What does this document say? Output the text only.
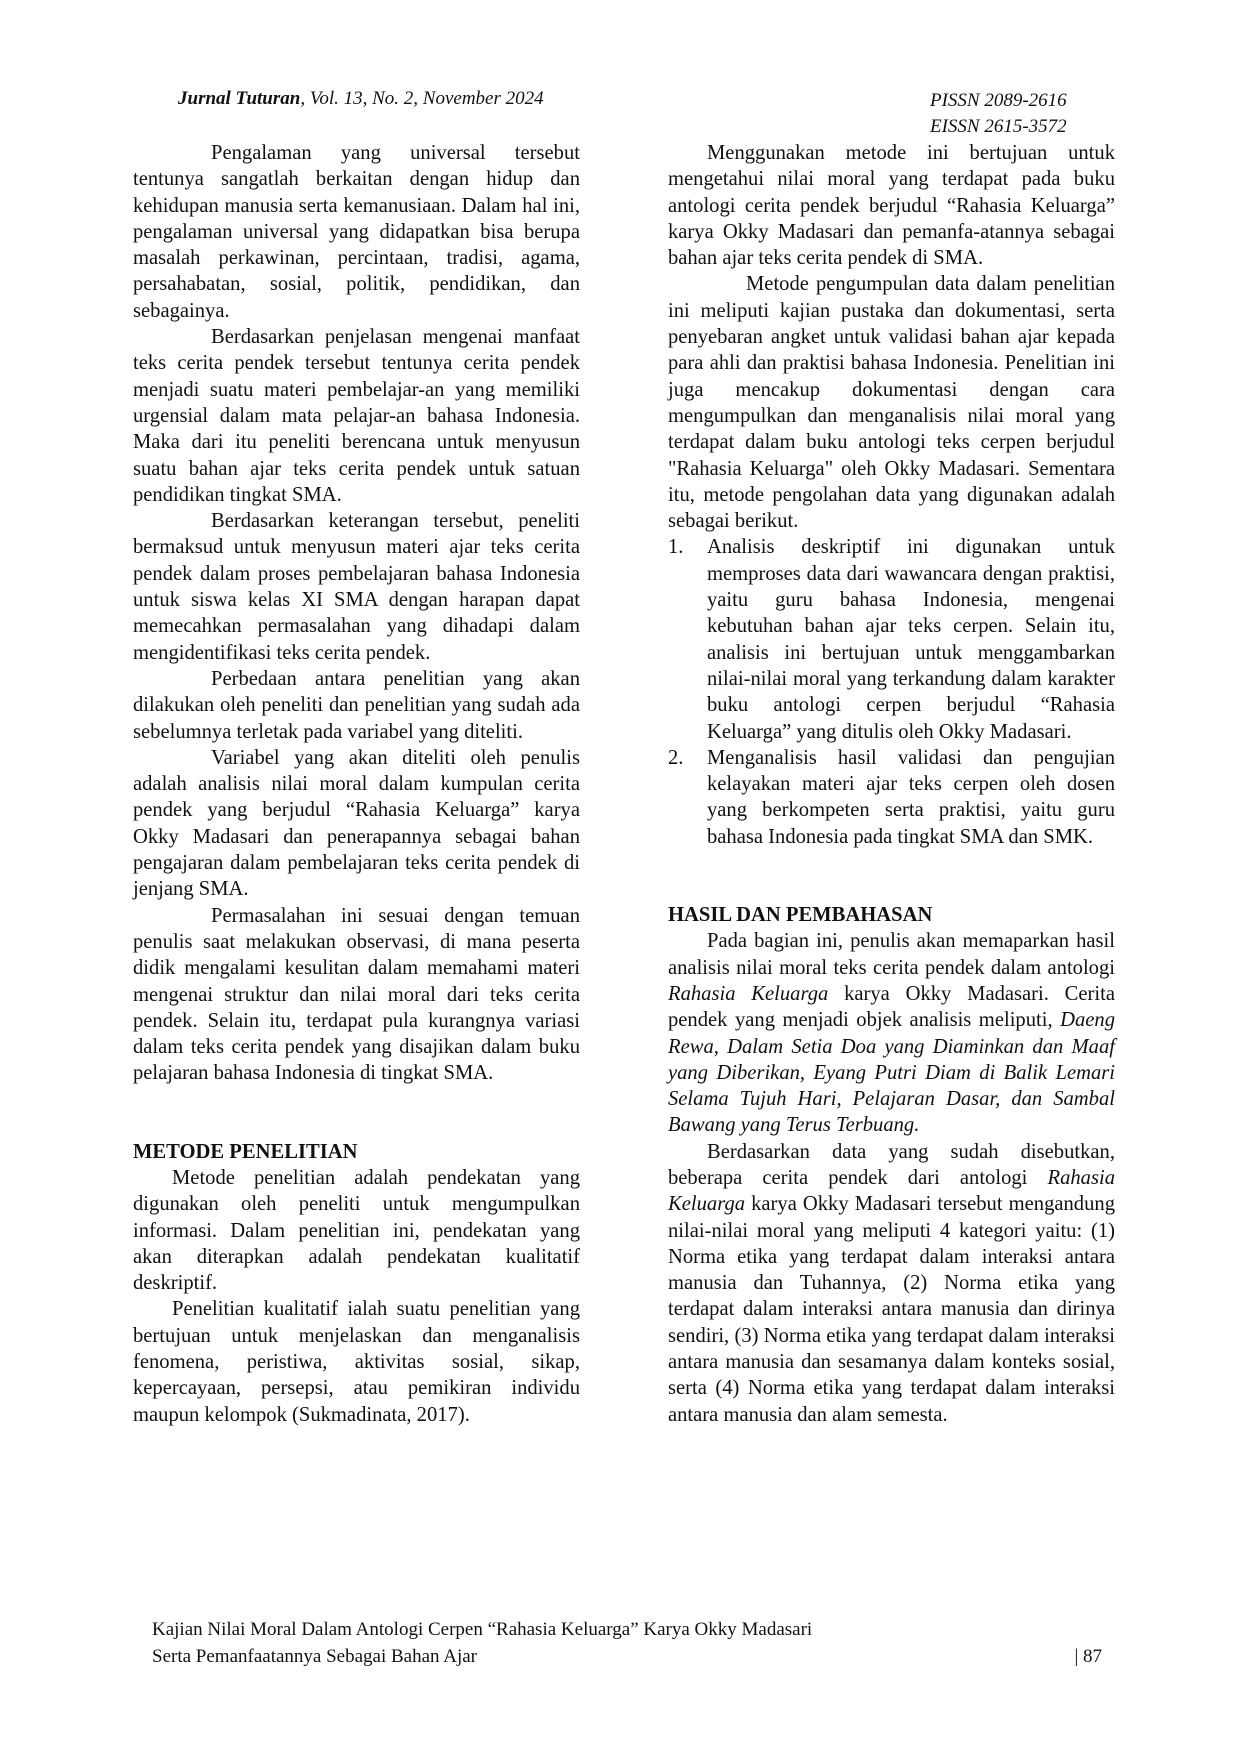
Jurnal Tuturan, Vol. 13, No. 2, November 2024	PISSN 2089-2616
EISSN 2615-3572

Pengalaman yang universal tersebut tentunya sangatlah berkaitan dengan hidup dan kehidupan manusia serta kemanusiaan. Dalam hal ini, pengalaman universal yang didapatkan bisa berupa masalah perkawinan, percintaan, tradisi, agama, persahabatan, sosial, politik, pendidikan, dan sebagainya.

Berdasarkan penjelasan mengenai manfaat teks cerita pendek tersebut tentunya cerita pendek menjadi suatu materi pembelajar-an yang memiliki urgensial dalam mata pelajar-an bahasa Indonesia. Maka dari itu peneliti berencana untuk menyusun suatu bahan ajar teks cerita pendek untuk satuan pendidikan tingkat SMA.

Berdasarkan keterangan tersebut, peneliti bermaksud untuk menyusun materi ajar teks cerita pendek dalam proses pembelajaran bahasa Indonesia untuk siswa kelas XI SMA dengan harapan dapat memecahkan permasalahan yang dihadapi dalam mengidentifikasi teks cerita pendek.

Perbedaan antara penelitian yang akan dilakukan oleh peneliti dan penelitian yang sudah ada sebelumnya terletak pada variabel yang diteliti.

Variabel yang akan diteliti oleh penulis adalah analisis nilai moral dalam kumpulan cerita pendek yang berjudul “Rahasia Keluarga” karya Okky Madasari dan penerapannya sebagai bahan pengajaran dalam pembelajaran teks cerita pendek di jenjang SMA.

Permasalahan ini sesuai dengan temuan penulis saat melakukan observasi, di mana peserta didik mengalami kesulitan dalam memahami materi mengenai struktur dan nilai moral dari teks cerita pendek. Selain itu, terdapat pula kurangnya variasi dalam teks cerita pendek yang disajikan dalam buku pelajaran bahasa Indonesia di tingkat SMA.

METODE PENELITIAN

Metode penelitian adalah pendekatan yang digunakan oleh peneliti untuk mengumpulkan informasi. Dalam penelitian ini, pendekatan yang akan diterapkan adalah pendekatan kualitatif deskriptif.

Penelitian kualitatif ialah suatu penelitian yang bertujuan untuk menjelaskan dan menganalisis fenomena, peristiwa, aktivitas sosial, sikap, kepercayaan, persepsi, atau pemikiran individu maupun kelompok (Sukmadinata, 2017).

Menggunakan metode ini bertujuan untuk mengetahui nilai moral yang terdapat pada buku antologi cerita pendek berjudul “Rahasia Keluarga” karya Okky Madasari dan pemanfa-atannya sebagai bahan ajar teks cerita pendek di SMA.

Metode pengumpulan data dalam penelitian ini meliputi kajian pustaka dan dokumentasi, serta penyebaran angket untuk validasi bahan ajar kepada para ahli dan praktisi bahasa Indonesia. Penelitian ini juga mencakup dokumentasi dengan cara mengumpulkan dan menganalisis nilai moral yang terdapat dalam buku antologi teks cerpen berjudul "Rahasia Keluarga" oleh Okky Madasari. Sementara itu, metode pengolahan data yang digunakan adalah sebagai berikut.

1. Analisis deskriptif ini digunakan untuk memproses data dari wawancara dengan praktisi, yaitu guru bahasa Indonesia, mengenai kebutuhan bahan ajar teks cerpen. Selain itu, analisis ini bertujuan untuk menggambarkan nilai-nilai moral yang terkandung dalam karakter buku antologi cerpen berjudul “Rahasia Keluarga” yang ditulis oleh Okky Madasari.
2. Menganalisis hasil validasi dan pengujian kelayakan materi ajar teks cerpen oleh dosen yang berkompeten serta praktisi, yaitu guru bahasa Indonesia pada tingkat SMA dan SMK.
HASIL DAN PEMBAHASAN

Pada bagian ini, penulis akan memaparkan hasil analisis nilai moral teks cerita pendek dalam antologi Rahasia Keluarga karya Okky Madasari. Cerita pendek yang menjadi objek analisis meliputi, Daeng Rewa, Dalam Setia Doa yang Diaminkan dan Maaf yang Diberikan, Eyang Putri Diam di Balik Lemari Selama Tujuh Hari, Pelajaran Dasar, dan Sambal Bawang yang Terus Terbuang.

Berdasarkan data yang sudah disebutkan, beberapa cerita pendek dari antologi Rahasia Keluarga karya Okky Madasari tersebut mengandung nilai-nilai moral yang meliputi 4 kategori yaitu: (1) Norma etika yang terdapat dalam interaksi antara manusia dan Tuhannya, (2) Norma etika yang terdapat dalam interaksi antara manusia dan dirinya sendiri, (3) Norma etika yang terdapat dalam interaksi antara manusia dan sesamanya dalam konteks sosial, serta (4) Norma etika yang terdapat dalam interaksi antara manusia dan alam semesta.

Kajian Nilai Moral Dalam Antologi Cerpen “Rahasia Keluarga” Karya Okky Madasari
Serta Pemanfaatannya Sebagai Bahan Ajar	| 87
